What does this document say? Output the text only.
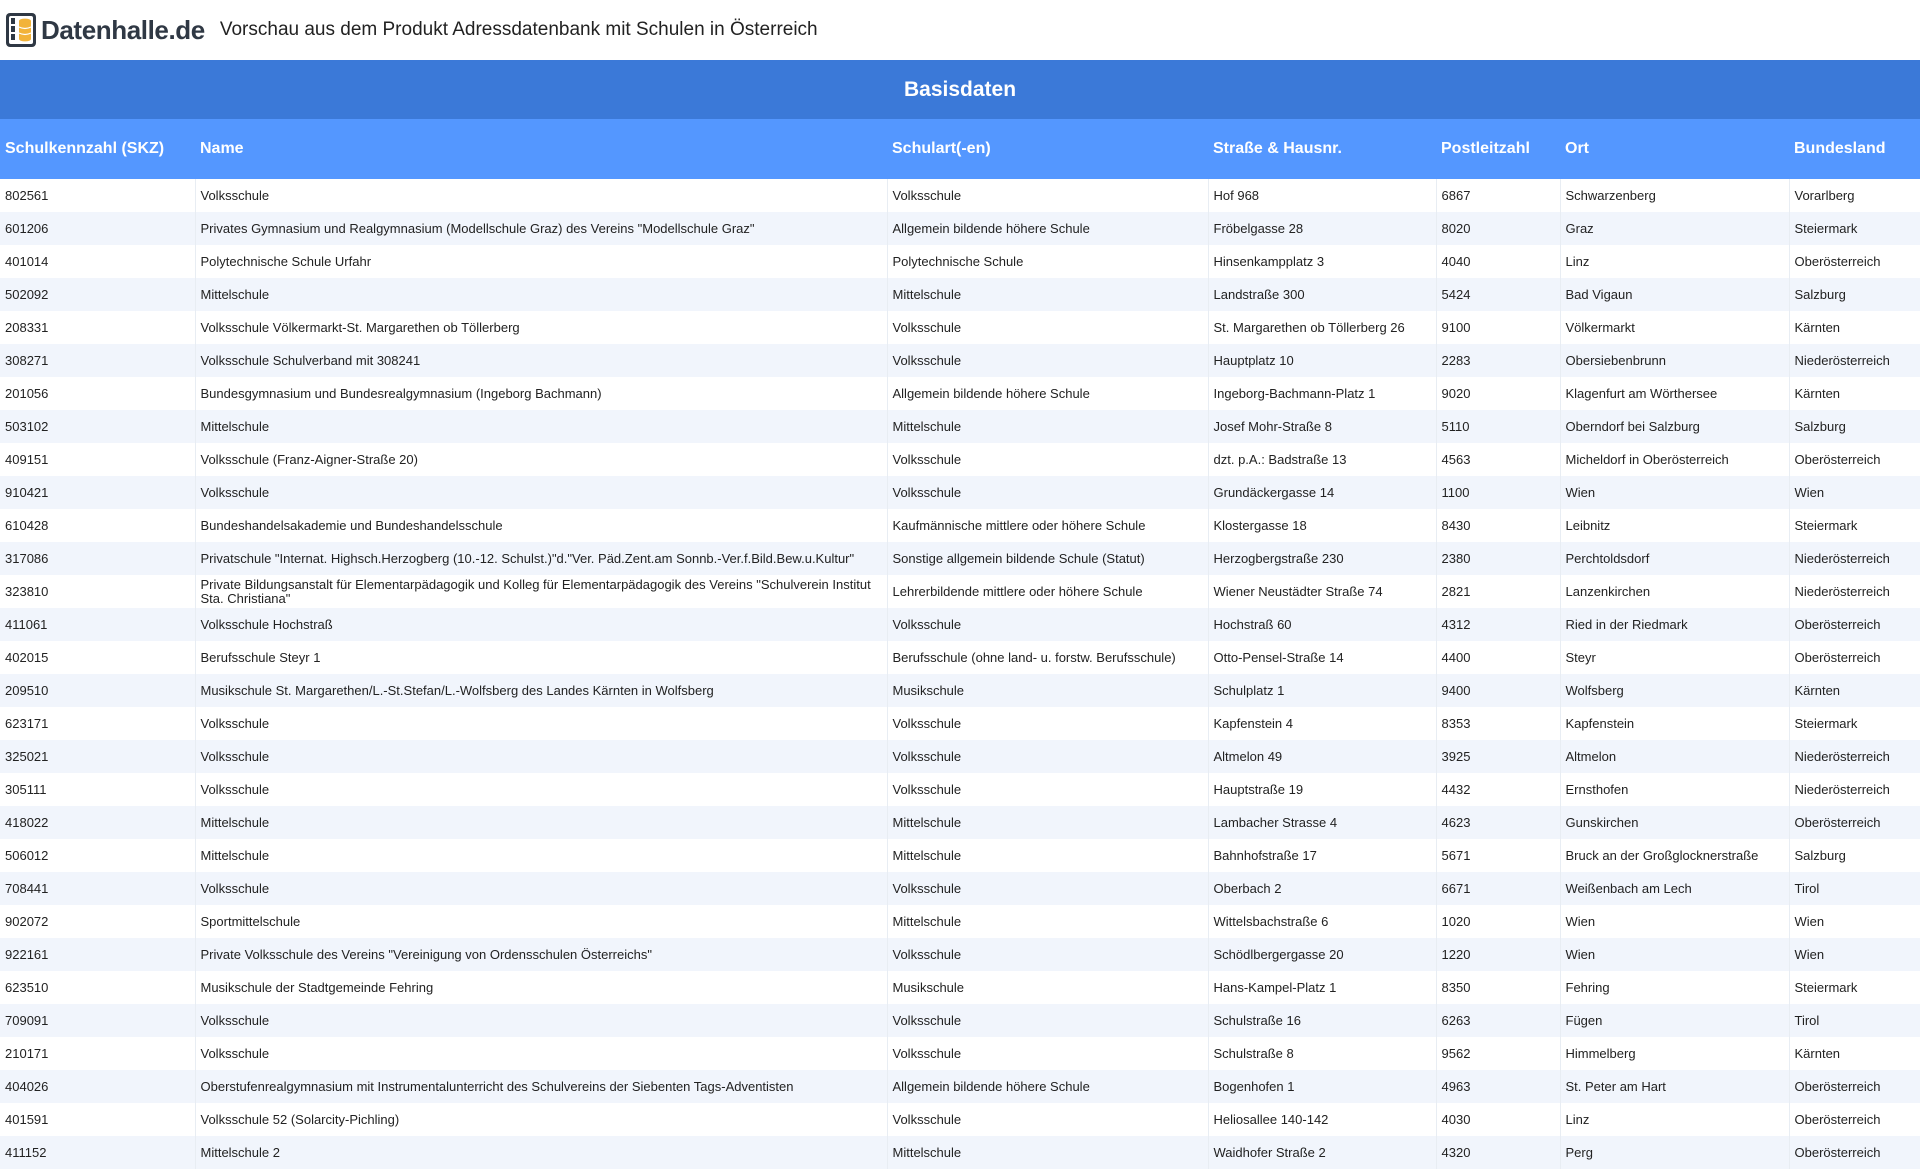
Datenhalle.de Vorschau aus dem Produkt Adressdatenbank mit Schulen in Österreich
Basisdaten						
Schulkennzahl (SKZ)	Name	Schulart(-en)	Straße & Hausnr.	Postleitzahl	Ort	Bundesland
802561	Volksschule	Volksschule	Hof 968	6867	Schwarzenberg	Vorarlberg
601206	Privates Gymnasium und Realgymnasium (Modellschule Graz) des Vereins "Modellschule Graz"	Allgemein bildende höhere Schule	Fröbelgasse 28	8020	Graz	Steiermark
401014	Polytechnische Schule Urfahr	Polytechnische Schule	Hinsenkampplatz 3	4040	Linz	Oberösterreich
502092	Mittelschule	Mittelschule	Landstraße 300	5424	Bad Vigaun	Salzburg
208331	Volksschule Völkermarkt-St. Margarethen ob Töllerberg	Volksschule	St. Margarethen ob Töllerberg 26	9100	Völkermarkt	Kärnten
308271	Volksschule Schulverband mit 308241	Volksschule	Hauptplatz 10	2283	Obersiebenbrunn	Niederösterreich
201056	Bundesgymnasium und Bundesrealgymnasium (Ingeborg Bachmann)	Allgemein bildende höhere Schule	Ingeborg-Bachmann-Platz 1	9020	Klagenfurt am Wörthersee	Kärnten
503102	Mittelschule	Mittelschule	Josef Mohr-Straße 8	5110	Oberndorf bei Salzburg	Salzburg
409151	Volksschule (Franz-Aigner-Straße 20)	Volksschule	dzt. p.A.: Badstraße 13	4563	Micheldorf in Oberösterreich	Oberösterreich
910421	Volksschule	Volksschule	Grundäckergasse 14	1100	Wien	Wien
610428	Bundeshandelsakademie und Bundeshandelsschule	Kaufmännische mittlere oder höhere Schule	Klostergasse 18	8430	Leibnitz	Steiermark
317086	Privatschule "Internat. Highsch.Herzogberg (10.-12. Schulst.)"d."Ver. Päd.Zent.am Sonnb.-Ver.f.Bild.Bew.u.Kultur"	Sonstige allgemein bildende Schule (Statut)	Herzogbergstraße 230	2380	Perchtoldsdorf	Niederösterreich
323810	Private Bildungsanstalt für Elementarpädagogik und Kolleg für Elementarpädagogik des Vereins "Schulverein Institut Sta. Christiana"	Lehrerbildende mittlere oder höhere Schule	Wiener Neustädter Straße 74	2821	Lanzenkirchen	Niederösterreich
411061	Volksschule Hochstraß	Volksschule	Hochstraß 60	4312	Ried in der Riedmark	Oberösterreich
402015	Berufsschule Steyr 1	Berufsschule (ohne land- u. forstw. Berufsschule)	Otto-Pensel-Straße 14	4400	Steyr	Oberösterreich
209510	Musikschule St. Margarethen/L.-St.Stefan/L.-Wolfsberg des Landes Kärnten in Wolfsberg	Musikschule	Schulplatz 1	9400	Wolfsberg	Kärnten
623171	Volksschule	Volksschule	Kapfenstein 4	8353	Kapfenstein	Steiermark
325021	Volksschule	Volksschule	Altmelon 49	3925	Altmelon	Niederösterreich
305111	Volksschule	Volksschule	Hauptstraße 19	4432	Ernsthofen	Niederösterreich
418022	Mittelschule	Mittelschule	Lambacher Strasse 4	4623	Gunskirchen	Oberösterreich
506012	Mittelschule	Mittelschule	Bahnhofstraße 17	5671	Bruck an der Großglocknerstraße	Salzburg
708441	Volksschule	Volksschule	Oberbach 2	6671	Weißenbach am Lech	Tirol
902072	Sportmittelschule	Mittelschule	Wittelsbachstraße 6	1020	Wien	Wien
922161	Private Volksschule des Vereins "Vereinigung von Ordensschulen Österreichs"	Volksschule	Schödlbergergasse 20	1220	Wien	Wien
623510	Musikschule der Stadtgemeinde Fehring	Musikschule	Hans-Kampel-Platz 1	8350	Fehring	Steiermark
709091	Volksschule	Volksschule	Schulstraße 16	6263	Fügen	Tirol
210171	Volksschule	Volksschule	Schulstraße 8	9562	Himmelberg	Kärnten
404026	Oberstufenrealgymnasium mit Instrumentalunterricht des Schulvereins der Siebenten Tags-Adventisten	Allgemein bildende höhere Schule	Bogenhofen 1	4963	St. Peter am Hart	Oberösterreich
401591	Volksschule 52 (Solarcity-Pichling)	Volksschule	Heliosallee 140-142	4030	Linz	Oberösterreich
411152	Mittelschule 2	Mittelschule	Waidhofer Straße 2	4320	Perg	Oberösterreich
